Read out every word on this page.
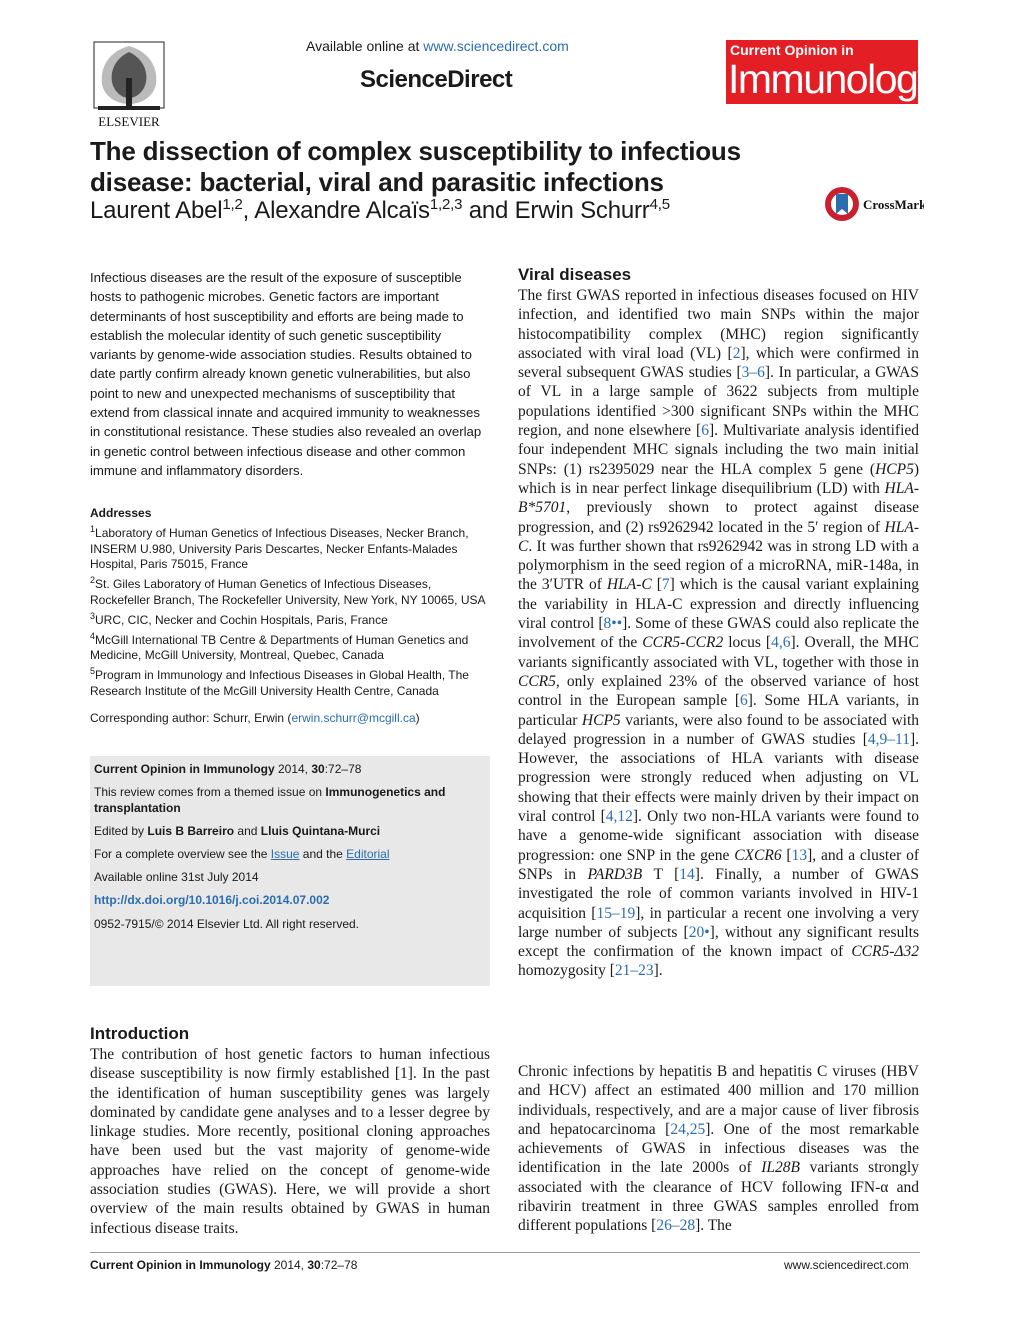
ELSEVIER
Available online at www.sciencedirect.com
ScienceDirect
Current Opinion in
Immunology
The dissection of complex susceptibility to infectious disease: bacterial, viral and parasitic infections
Laurent Abel$^{1,2}$, Alexandre Alcaïs$^{1,2,3}$ and Erwin Schurr$^{4,5}$	CrossMark
Infectious diseases are the result of the exposure of susceptible hosts to pathogenic microbes. Genetic factors are important determinants of host susceptibility and efforts are being made to establish the molecular identity of such genetic susceptibility variants by genome-wide association studies. Results obtained to date partly confirm already known genetic vulnerabilities, but also point to new and unexpected mechanisms of susceptibility that extend from classical innate and acquired immunity to weaknesses in constitutional resistance. These studies also revealed an overlap in genetic control between infectious disease and other common immune and inflammatory disorders.
Addresses

$^1$Laboratory of Human Genetics of Infectious Diseases, Necker Branch, INSERM U.980, University Paris Descartes, Necker Enfants-Malades Hospital, Paris 75015, France

$^2$St. Giles Laboratory of Human Genetics of Infectious Diseases, Rockefeller Branch, The Rockefeller University, New York, NY 10065, USA

$^3$URC, CIC, Necker and Cochin Hospitals, Paris, France

$^4$McGill International TB Centre & Departments of Human Genetics and Medicine, McGill University, Montreal, Quebec, Canada

$^5$Program in Immunology and Infectious Diseases in Global Health, The Research Institute of the McGill University Health Centre, Canada

Corresponding author: Schurr, Erwin (erwin.schurr@mcgill.ca)
Current Opinion in Immunology 2014, 30:72–78
This review comes from a themed issue on Immunogenetics and transplantation
Edited by Luis B Barreiro and Lluis Quintana-Murci
For a complete overview see the Issue and the Editorial
Available online 31st July 2014
http://dx.doi.org/10.1016/j.coi.2014.07.002
0952-7915/© 2014 Elsevier Ltd. All right reserved.
Introduction
The contribution of host genetic factors to human infectious disease susceptibility is now firmly established [1]. In the past the identification of human susceptibility genes was largely dominated by candidate gene analyses and to a lesser degree by linkage studies. More recently, positional cloning approaches have been used but the vast majority of genome-wide approaches have relied on the concept of genome-wide association studies (GWAS). Here, we will provide a short overview of the main results obtained by GWAS in human infectious disease traits.
Viral diseases
The first GWAS reported in infectious diseases focused on HIV infection, and identified two main SNPs within the major histocompatibility complex (MHC) region significantly associated with viral load (VL) [2], which were confirmed in several subsequent GWAS studies [3–6]. In particular, a GWAS of VL in a large sample of 3622 subjects from multiple populations identified >300 significant SNPs within the MHC region, and none elsewhere [6]. Multivariate analysis identified four independent MHC signals including the two main initial SNPs: (1) rs2395029 near the HLA complex 5 gene (HCP5) which is in near perfect linkage disequilibrium (LD) with HLA-B*5701, previously shown to protect against disease progression, and (2) rs9262942 located in the 5′ region of HLA-C. It was further shown that rs9262942 was in strong LD with a polymorphism in the seed region of a microRNA, miR-148a, in the 3′UTR of HLA-C [7] which is the causal variant explaining the variability in HLA-C expression and directly influencing viral control [8••]. Some of these GWAS could also replicate the involvement of the CCR5-CCR2 locus [4,6]. Overall, the MHC variants significantly associated with VL, together with those in CCR5, only explained 23% of the observed variance of host control in the European sample [6]. Some HLA variants, in particular HCP5 variants, were also found to be associated with delayed progression in a number of GWAS studies [4,9–11]. However, the associations of HLA variants with disease progression were strongly reduced when adjusting on VL showing that their effects were mainly driven by their impact on viral control [4,12]. Only two non-HLA variants were found to have a genome-wide significant association with disease progression: one SNP in the gene CXCR6 [13], and a cluster of SNPs in PARD3B T [14]. Finally, a number of GWAS investigated the role of common variants involved in HIV-1 acquisition [15–19], in particular a recent one involving a very large number of subjects [20•], without any significant results except the confirmation of the known impact of CCR5-Δ32 homozygosity [21–23].
Chronic infections by hepatitis B and hepatitis C viruses (HBV and HCV) affect an estimated 400 million and 170 million individuals, respectively, and are a major cause of liver fibrosis and hepatocarcinoma [24,25]. One of the most remarkable achievements of GWAS in infectious diseases was the identification in the late 2000s of IL28B variants strongly associated with the clearance of HCV following IFN-α and ribavirin treatment in three GWAS samples enrolled from different populations [26–28]. The
Current Opinion in Immunology 2014, 30:72–78	www.sciencedirect.com
